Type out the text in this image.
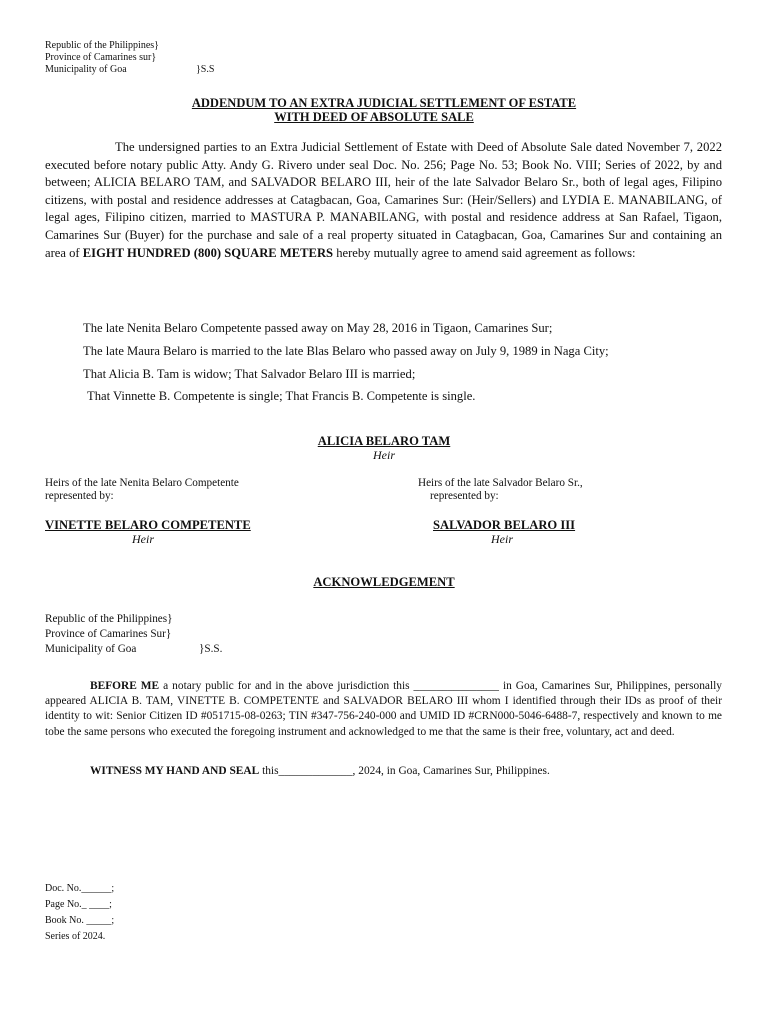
Republic of the Philippines}
Province of Camarines sur}
Municipality of Goa	}S.S
ADDENDUM TO AN EXTRA JUDICIAL SETTLEMENT OF ESTATE
WITH DEED OF ABSOLUTE SALE
The undersigned parties to an Extra Judicial Settlement of Estate with Deed of Absolute Sale dated November 7, 2022 executed before notary public Atty. Andy G. Rivero under seal Doc. No. 256; Page No. 53; Book No. VIII; Series of 2022, by and between; ALICIA BELARO TAM, and SALVADOR BELARO III, heir of the late Salvador Belaro Sr., both of legal ages, Filipino citizens, with postal and residence addresses at Catagbacan, Goa, Camarines Sur: (Heir/Sellers) and LYDIA E. MANABILANG, of legal ages, Filipino citizen, married to MASTURA P. MANABILANG, with postal and residence address at San Rafael, Tigaon, Camarines Sur (Buyer) for the purchase and sale of a real property situated in Catagbacan, Goa, Camarines Sur and containing an area of EIGHT HUNDRED (800) SQUARE METERS hereby mutually agree to amend said agreement as follows:
The late Nenita Belaro Competente passed away on May 28, 2016 in Tigaon, Camarines Sur;
The late Maura Belaro is married to the late Blas Belaro who passed away on July 9, 1989 in Naga City;
That Alicia B. Tam is widow; That Salvador Belaro III is married;
That Vinnette B. Competente is single; That Francis B. Competente is single.
ALICIA BELARO TAM
Heir
Heirs of the late Nenita Belaro Competente
represented by:
Heirs of the late Salvador Belaro Sr.,
represented by:
VINETTE BELARO COMPETENTE
Heir
SALVADOR BELARO III
Heir
ACKNOWLEDGEMENT
Republic of the Philippines}
Province of Camarines Sur}
Municipality of Goa	}S.S.
BEFORE ME a notary public for and in the above jurisdiction this _______________ in Goa, Camarines Sur, Philippines, personally appeared ALICIA B. TAM, VINETTE B. COMPETENTE and SALVADOR BELARO III whom I identified through their IDs as proof of their identity to wit: Senior Citizen ID #051715-08-0263; TIN #347-756-240-000 and UMID ID #CRN000-5046-6488-7, respectively and known to me tobe the same persons who executed the foregoing instrument and acknowledged to me that the same is their free, voluntary, act and deed.
WITNESS MY HAND AND SEAL this_____________, 2024, in Goa, Camarines Sur, Philippines.
Doc. No.______;
Page No._ ____;
Book No. _____;
Series of 2024.
